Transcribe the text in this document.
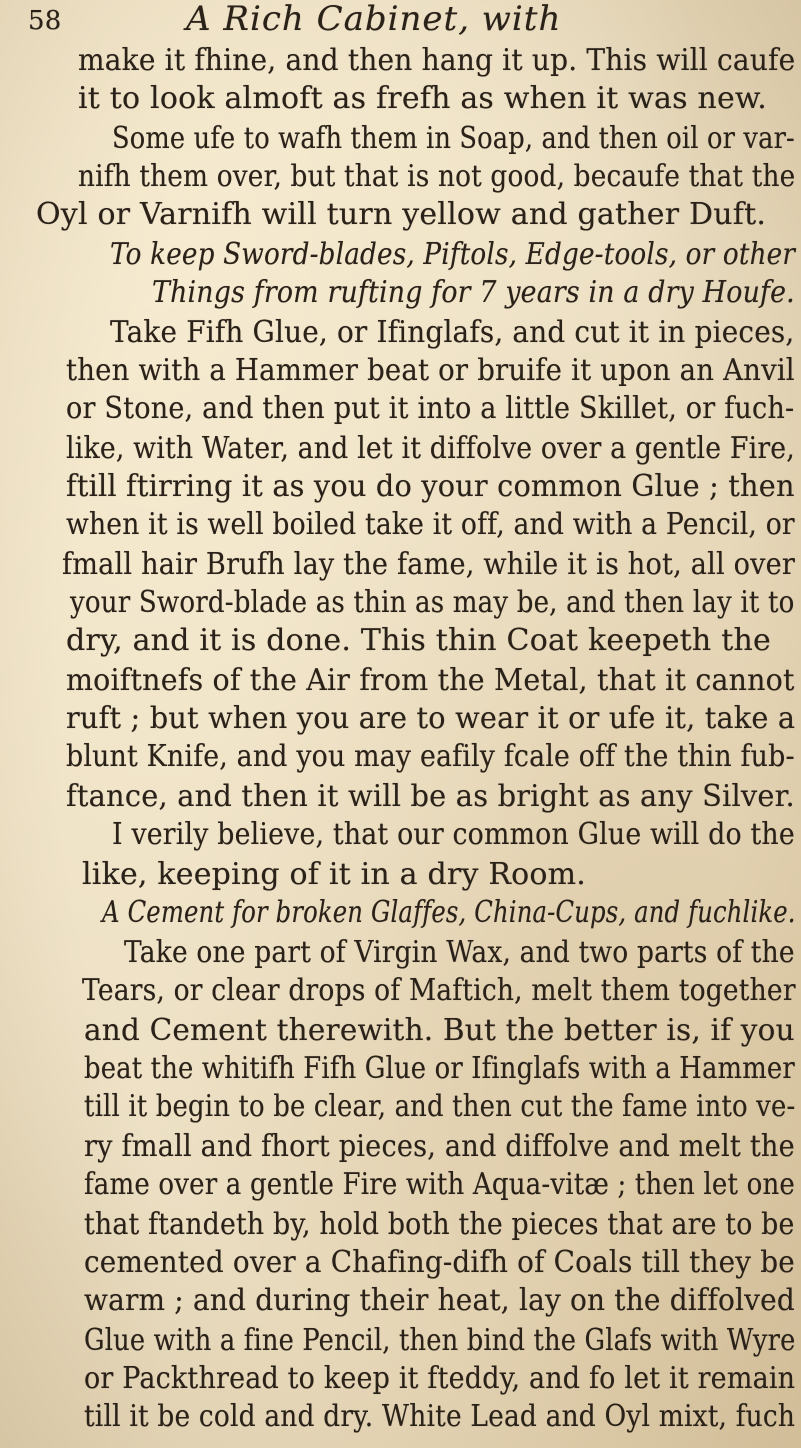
58	A Rich Cabinet, with
make it fhine, and then hang it up. This will caufe
it to look almoft as frefh as when it was new.
Some ufe to wafh them in Soap, and then oil or var-
nifh them over, but that is not good, becaufe that the
Oyl or Varnifh will turn yellow and gather Duft.
To keep Sword-blades, Piftols, Edge-tools, or other
Things from rufting for 7 years in a dry Houfe.
Take Fifh Glue, or Ifinglafs, and cut it in pieces,
then with a Hammer beat or bruife it upon an Anvil
or Stone, and then put it into a little Skillet, or fuch-
like, with Water, and let it diffolve over a gentle Fire,
ftill ftirring it as you do your common Glue ; then
when it is well boiled take it off, and with a Pencil, or
fmall hair Brufh lay the fame, while it is hot, all over
your Sword-blade as thin as may be, and then lay it to
dry, and it is done. This thin Coat keepeth the
moiftnefs of the Air from the Metal, that it cannot
ruft ; but when you are to wear it or ufe it, take a
blunt Knife, and you may eafily fcale off the thin fub-
ftance, and then it will be as bright as any Silver.
I verily believe, that our common Glue will do the
like, keeping of it in a dry Room.
A Cement for broken Glaffes, China-Cups, and fuchlike.
Take one part of Virgin Wax, and two parts of the
Tears, or clear drops of Maftich, melt them together
and Cement therewith. But the better is, if you
beat the whitifh Fifh Glue or Ifinglafs with a Hammer
till it begin to be clear, and then cut the fame into ve-
ry fmall and fhort pieces, and diffolve and melt the
fame over a gentle Fire with Aqua-vitæ ; then let one
that ftandeth by, hold both the pieces that are to be
cemented over a Chafing-difh of Coals till they be
warm ; and during their heat, lay on the diffolved
Glue with a fine Pencil, then bind the Glafs with Wyre
or Packthread to keep it fteddy, and fo let it remain
till it be cold and dry. White Lead and Oyl mixt, fuch
